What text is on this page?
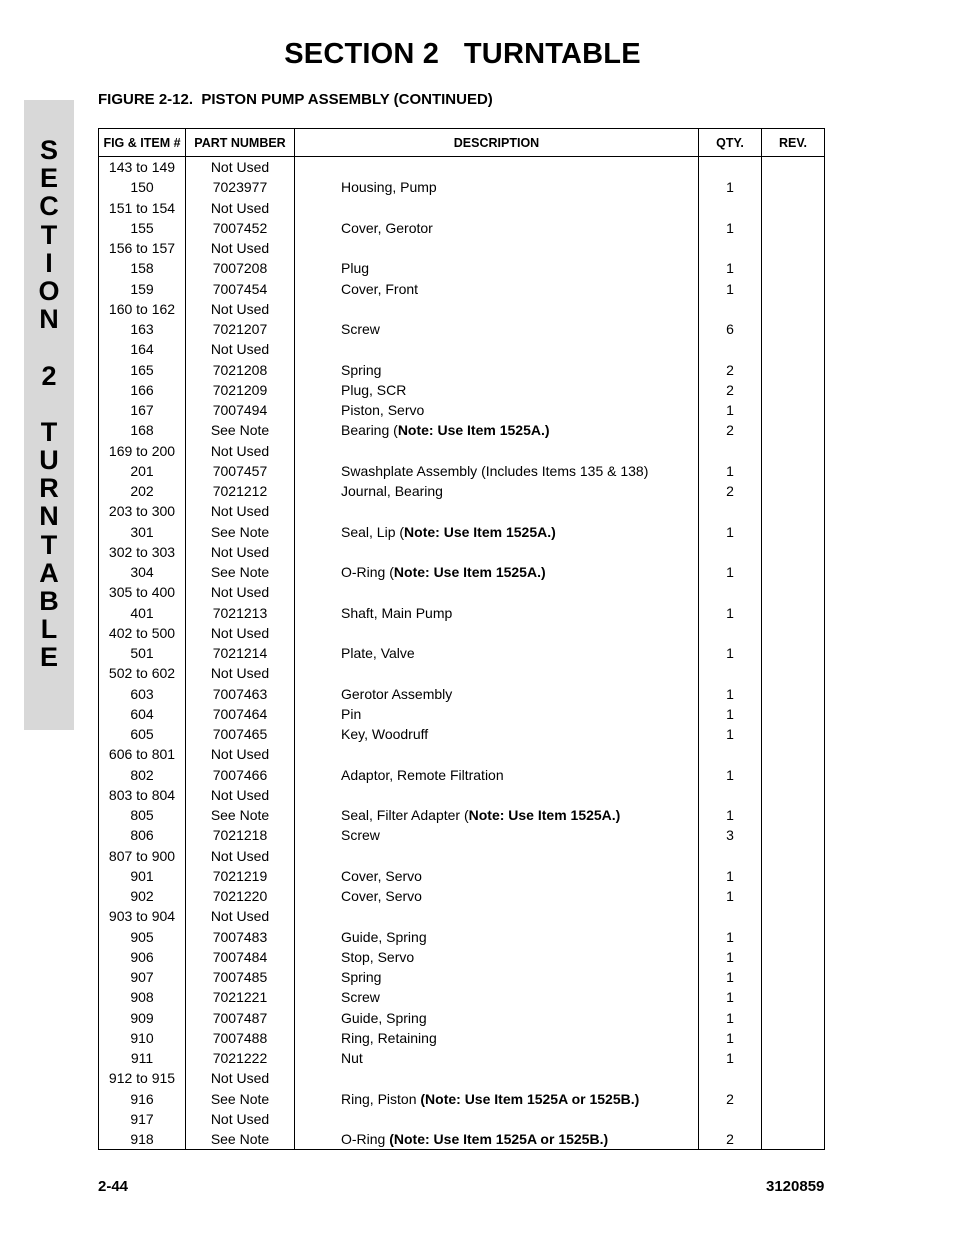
SECTION 2   TURNTABLE
FIGURE 2-12.  PISTON PUMP ASSEMBLY (CONTINUED)
S
E
C
T
I
O
N
2
T
U
R
N
T
A
B
L
E
FIG & ITEM #	PART NUMBER	DESCRIPTION	QTY.	REV.
143 to 149	Not Used			
150	7023977	Housing, Pump	1	
151 to 154	Not Used			
155	7007452	Cover, Gerotor	1	
156 to 157	Not Used			
158	7007208	Plug	1	
159	7007454	Cover, Front	1	
160 to 162	Not Used			
163	7021207	Screw	6	
164	Not Used			
165	7021208	Spring	2	
166	7021209	Plug, SCR	2	
167	7007494	Piston, Servo	1	
168	See Note	Bearing (Note: Use Item 1525A.)	2	
169 to 200	Not Used			
201	7007457	Swashplate Assembly (Includes Items 135 & 138)	1	
202	7021212	Journal, Bearing	2	
203 to 300	Not Used			
301	See Note	Seal, Lip (Note: Use Item 1525A.)	1	
302 to 303	Not Used			
304	See Note	O-Ring (Note: Use Item 1525A.)	1	
305 to 400	Not Used			
401	7021213	Shaft, Main Pump	1	
402 to 500	Not Used			
501	7021214	Plate, Valve	1	
502 to 602	Not Used			
603	7007463	Gerotor Assembly	1	
604	7007464	Pin	1	
605	7007465	Key, Woodruff	1	
606 to 801	Not Used			
802	7007466	Adaptor, Remote Filtration	1	
803 to 804	Not Used			
805	See Note	Seal, Filter Adapter (Note: Use Item 1525A.)	1	
806	7021218	Screw	3	
807 to 900	Not Used			
901	7021219	Cover, Servo	1	
902	7021220	Cover, Servo	1	
903 to 904	Not Used			
905	7007483	Guide, Spring	1	
906	7007484	Stop, Servo	1	
907	7007485	Spring	1	
908	7021221	Screw	1	
909	7007487	Guide, Spring	1	
910	7007488	Ring, Retaining	1	
911	7021222	Nut	1	
912 to 915	Not Used			
916	See Note	Ring, Piston (Note: Use Item 1525A or 1525B.)	2	
917	Not Used			
918	See Note	O-Ring (Note: Use Item 1525A or 1525B.)	2	
2-44	3120859
